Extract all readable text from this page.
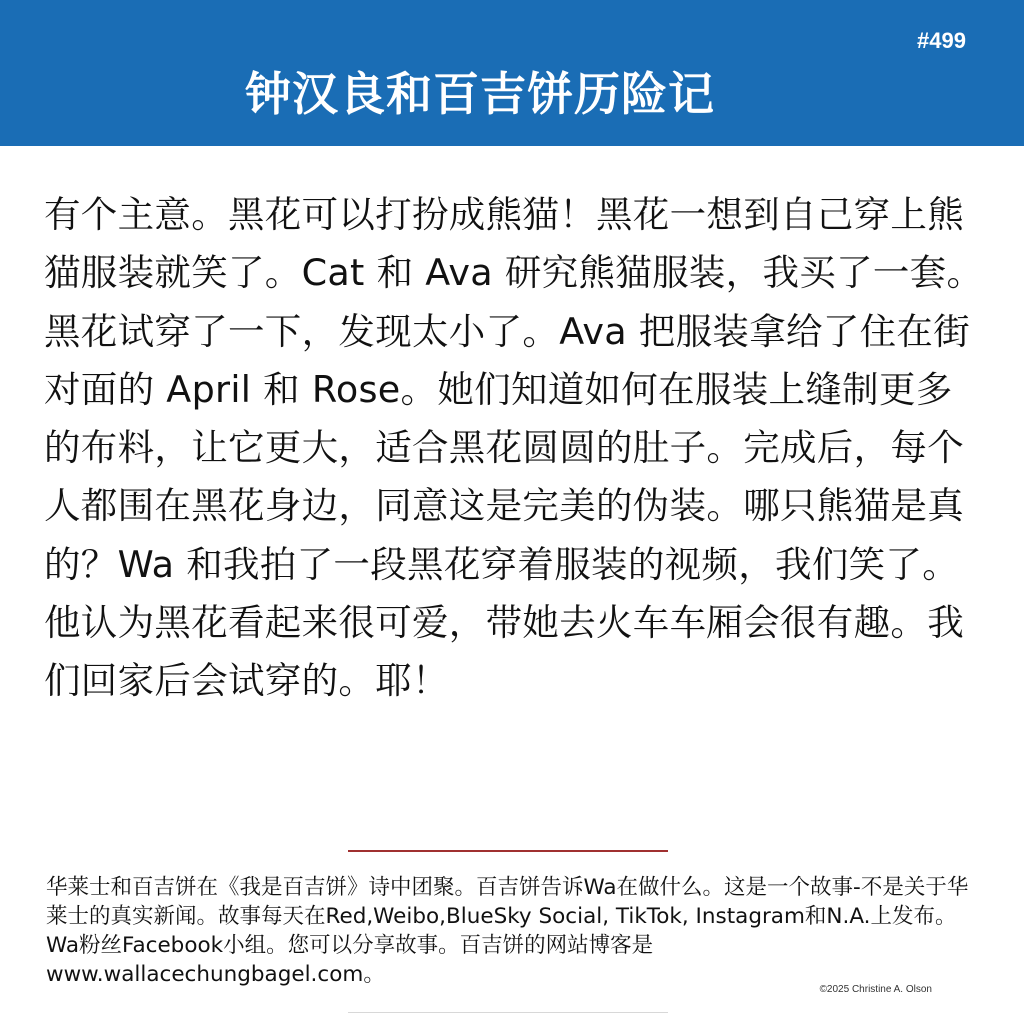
#499
钟汉良和百吉饼历险记
有个主意。黑花可以打扮成熊猫！黑花一想到自己穿上熊猫服装就笑了。Cat 和 Ava 研究熊猫服装，我买了一套。黑花试穿了一下，发现太小了。Ava 把服装拿给了住在街对面的 April 和 Rose。她们知道如何在服装上缝制更多的布料，让它更大，适合黑花圆圆的肚子。完成后，每个人都围在黑花身边，同意这是完美的伪装。哪只熊猫是真的？Wa 和我拍了一段黑花穿着服装的视频，我们笑了。他认为黑花看起来很可爱，带她去火车车厢会很有趣。我们回家后会试穿的。耶！
华莱士和百吉饼在《我是百吉饼》诗中团聚。百吉饼告诉Wa在做什么。这是一个故事-不是关于华莱士的真实新闻。故事每天在Red,Weibo,BlueSky Social, TikTok, Instagram和N.A.上发布。Wa粉丝Facebook小组。您可以分享故事。百吉饼的网站博客是www.wallacechungbagel.com。
©2025 Christine A. Olson
